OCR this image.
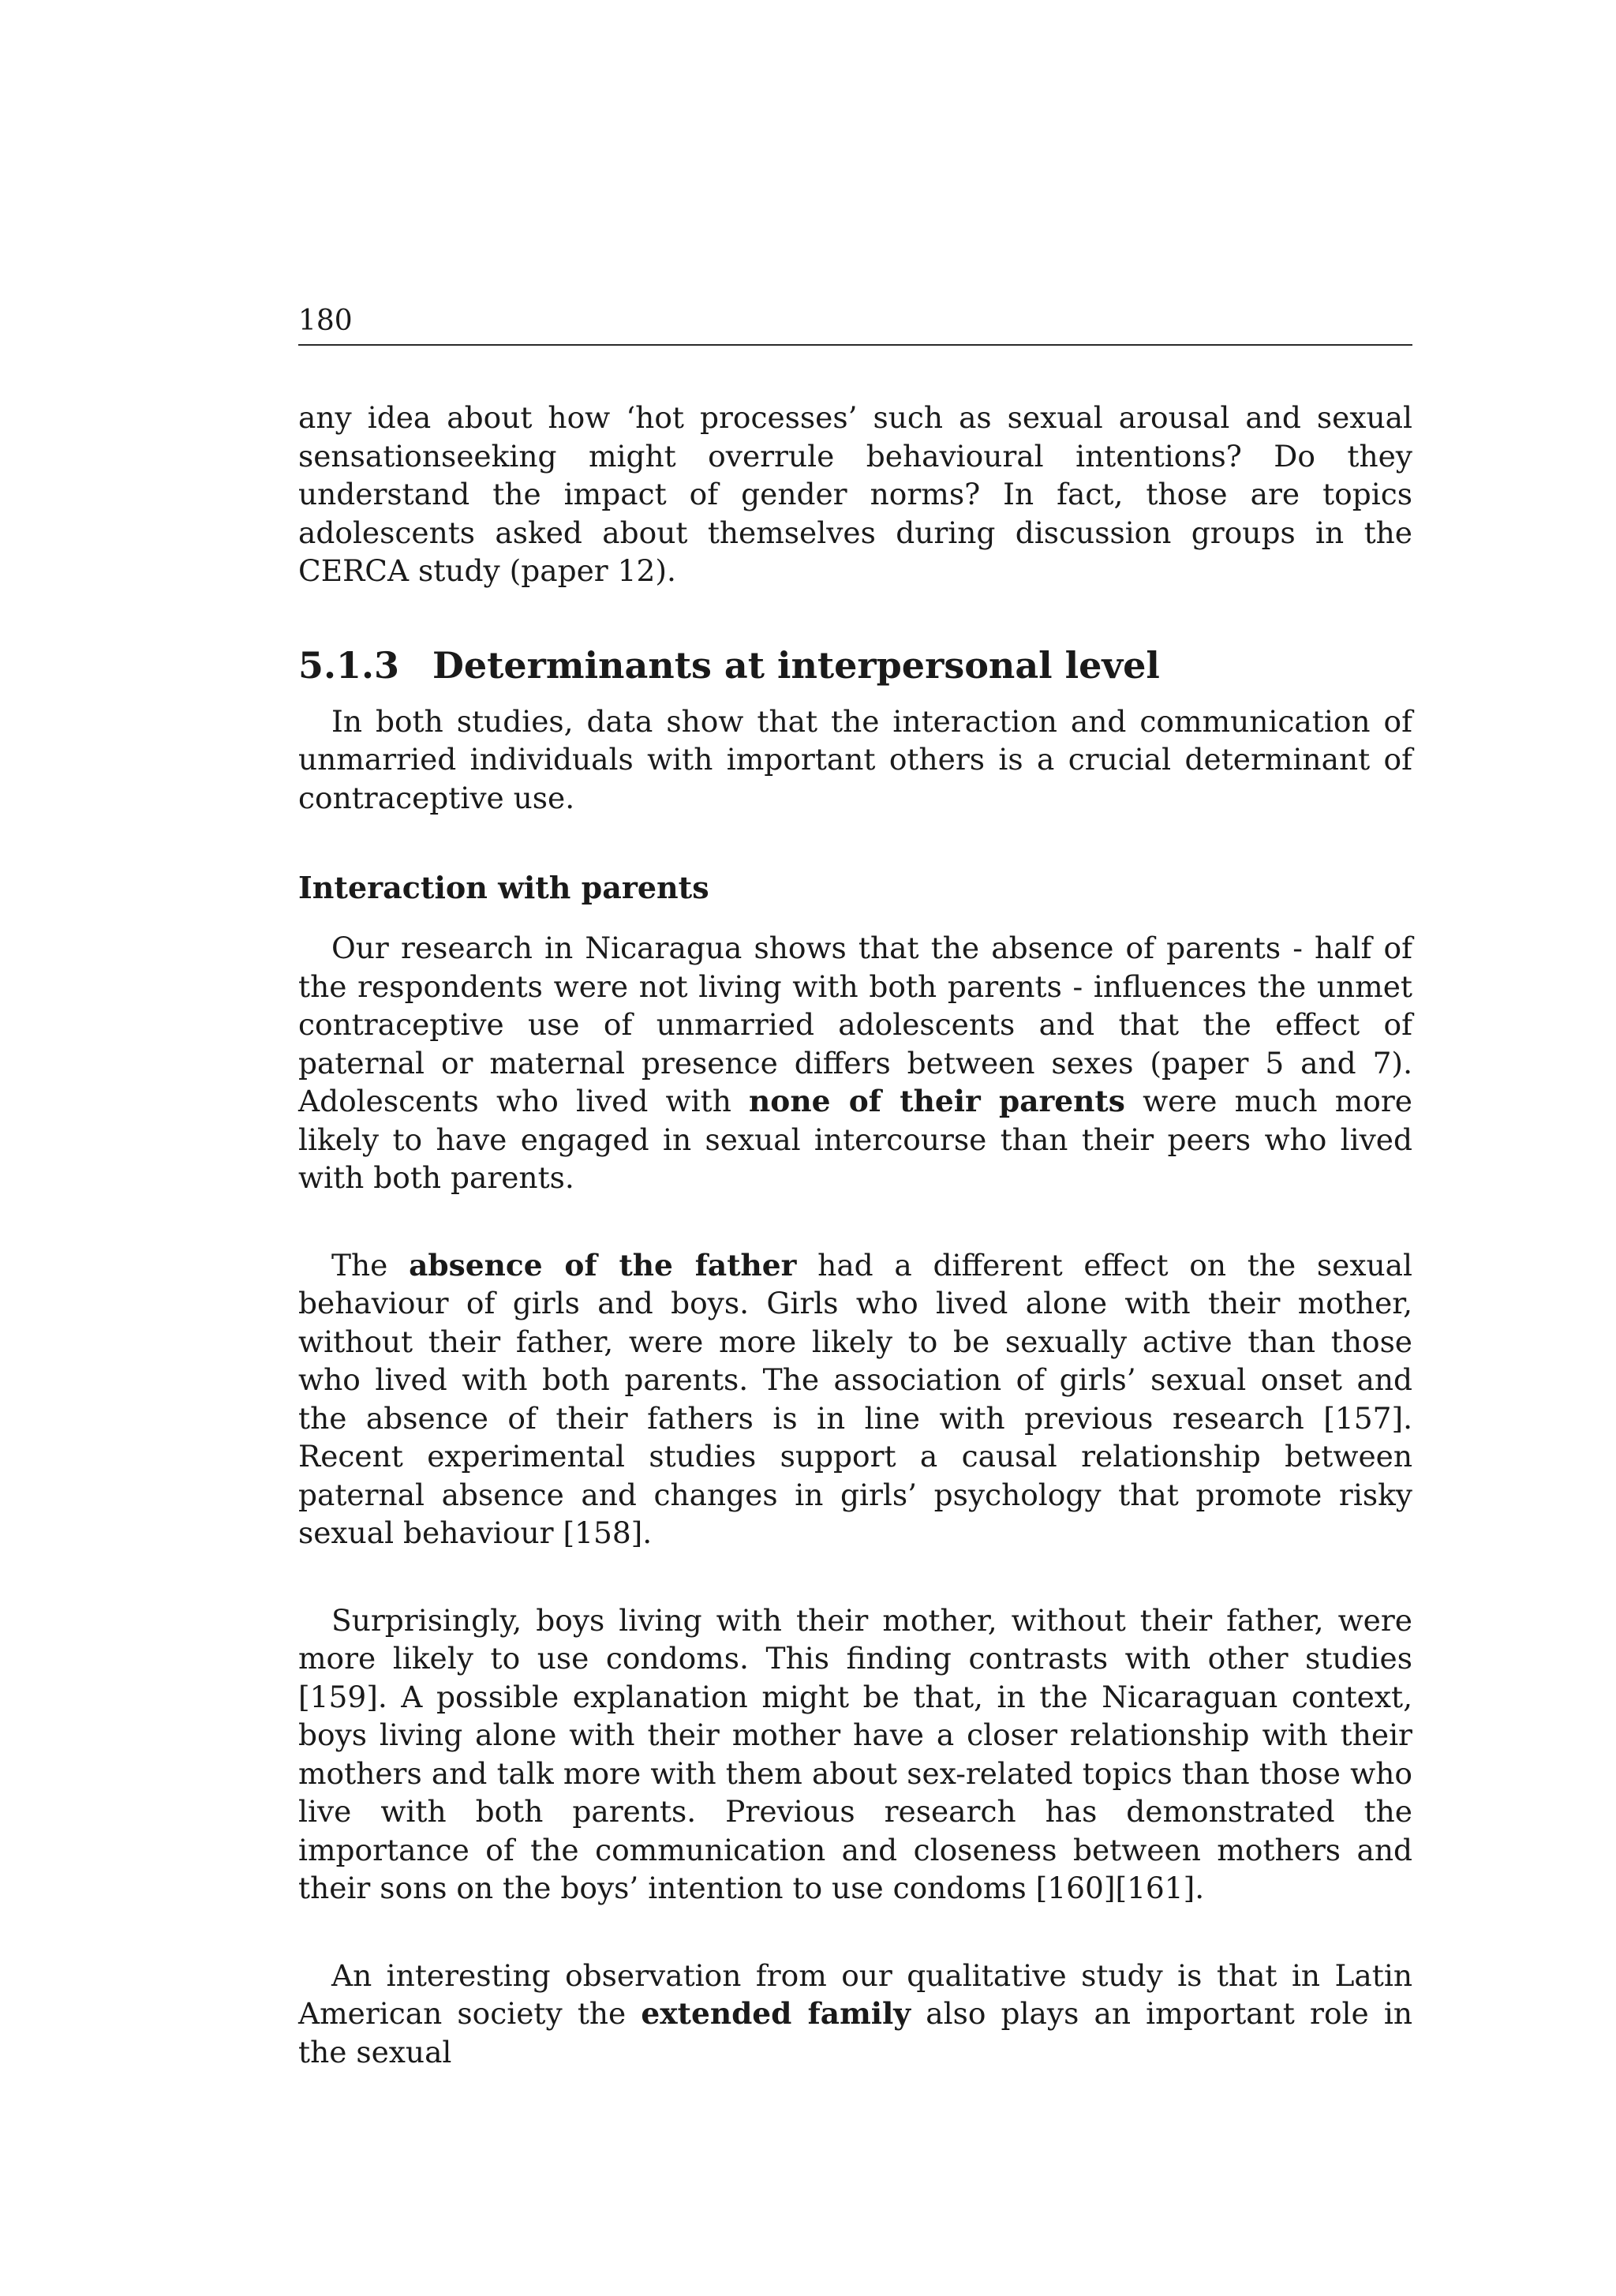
180

any idea about how ‘hot processes’ such as sexual arousal and sexual sensationseeking might overrule behavioural intentions? Do they understand the impact of gender norms? In fact, those are topics adolescents asked about themselves during discussion groups in the CERCA study (paper 12).

5.1.3 Determinants at interpersonal level

In both studies, data show that the interaction and communication of unmarried individuals with important others is a crucial determinant of contraceptive use.

Interaction with parents

Our research in Nicaragua shows that the absence of parents - half of the respondents were not living with both parents - influences the unmet contraceptive use of unmarried adolescents and that the effect of paternal or maternal presence differs between sexes (paper 5 and 7). Adolescents who lived with none of their parents were much more likely to have engaged in sexual intercourse than their peers who lived with both parents.

The absence of the father had a different effect on the sexual behaviour of girls and boys. Girls who lived alone with their mother, without their father, were more likely to be sexually active than those who lived with both parents. The association of girls’ sexual onset and the absence of their fathers is in line with previous research [157]. Recent experimental studies support a causal relationship between paternal absence and changes in girls’ psychology that promote risky sexual behaviour [158].

Surprisingly, boys living with their mother, without their father, were more likely to use condoms. This finding contrasts with other studies [159]. A possible explanation might be that, in the Nicaraguan context, boys living alone with their mother have a closer relationship with their mothers and talk more with them about sex-related topics than those who live with both parents. Previous research has demonstrated the importance of the communication and closeness between mothers and their sons on the boys’ intention to use condoms [160][161].

An interesting observation from our qualitative study is that in Latin American society the extended family also plays an important role in the sexual
